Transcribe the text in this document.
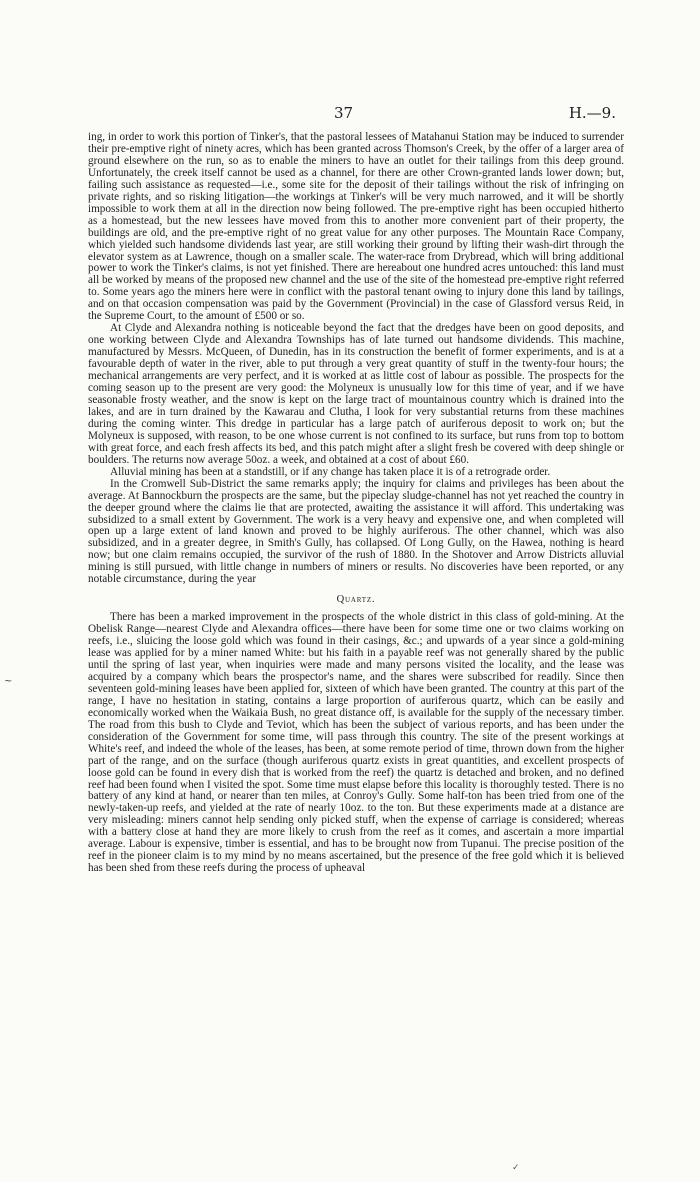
37	H.—9.

ing, in order to work this portion of Tinker's, that the pastoral lessees of Matahanui Station may be induced to surrender their pre-emptive right of ninety acres, which has been granted across Thomson's Creek, by the offer of a larger area of ground elsewhere on the run, so as to enable the miners to have an outlet for their tailings from this deep ground. Unfortunately, the creek itself cannot be used as a channel, for there are other Crown-granted lands lower down; but, failing such assistance as requested—i.e., some site for the deposit of their tailings without the risk of infringing on private rights, and so risking litigation—the workings at Tinker's will be very much narrowed, and it will be shortly impossible to work them at all in the direction now being followed. The pre-emptive right has been occupied hitherto as a homestead, but the new lessees have moved from this to another more convenient part of their property, the buildings are old, and the pre-emptive right of no great value for any other purposes. The Mountain Race Company, which yielded such handsome dividends last year, are still working their ground by lifting their wash-dirt through the elevator system as at Lawrence, though on a smaller scale. The water-race from Drybread, which will bring additional power to work the Tinker's claims, is not yet finished. There are hereabout one hundred acres untouched: this land must all be worked by means of the proposed new channel and the use of the site of the homestead pre-emptive right referred to. Some years ago the miners here were in conflict with the pastoral tenant owing to injury done this land by tailings, and on that occasion compensation was paid by the Government (Provincial) in the case of Glassford versus Reid, in the Supreme Court, to the amount of £500 or so.

At Clyde and Alexandra nothing is noticeable beyond the fact that the dredges have been on good deposits, and one working between Clyde and Alexandra Townships has of late turned out handsome dividends. This machine, manufactured by Messrs. McQueen, of Dunedin, has in its construction the benefit of former experiments, and is at a favourable depth of water in the river, able to put through a very great quantity of stuff in the twenty-four hours; the mechanical arrangements are very perfect, and it is worked at as little cost of labour as possible. The prospects for the coming season up to the present are very good: the Molyneux is unusually low for this time of year, and if we have seasonable frosty weather, and the snow is kept on the large tract of mountainous country which is drained into the lakes, and are in turn drained by the Kawarau and Clutha, I look for very substantial returns from these machines during the coming winter. This dredge in particular has a large patch of auriferous deposit to work on; but the Molyneux is supposed, with reason, to be one whose current is not confined to its surface, but runs from top to bottom with great force, and each fresh affects its bed, and this patch might after a slight fresh be covered with deep shingle or boulders. The returns now average 50oz. a week, and obtained at a cost of about £60.

Alluvial mining has been at a standstill, or if any change has taken place it is of a retrograde order.

In the Cromwell Sub-District the same remarks apply; the inquiry for claims and privileges has been about the average. At Bannockburn the prospects are the same, but the pipeclay sludge-channel has not yet reached the country in the deeper ground where the claims lie that are protected, awaiting the assistance it will afford. This undertaking was subsidized to a small extent by Government. The work is a very heavy and expensive one, and when completed will open up a large extent of land known and proved to be highly auriferous. The other channel, which was also subsidized, and in a greater degree, in Smith's Gully, has collapsed. Of Long Gully, on the Hawea, nothing is heard now; but one claim remains occupied, the survivor of the rush of 1880. In the Shotover and Arrow Districts alluvial mining is still pursued, with little change in numbers of miners or results. No discoveries have been reported, or any notable circumstance, during the year

Quartz.

There has been a marked improvement in the prospects of the whole district in this class of gold-mining. At the Obelisk Range—nearest Clyde and Alexandra offices—there have been for some time one or two claims working on reefs, i.e., sluicing the loose gold which was found in their casings, &c.; and upwards of a year since a gold-mining lease was applied for by a miner named White: but his faith in a payable reef was not generally shared by the public until the spring of last year, when inquiries were made and many persons visited the locality, and the lease was acquired by a company which bears the prospector's name, and the shares were subscribed for readily. Since then seventeen gold-mining leases have been applied for, sixteen of which have been granted. The country at this part of the range, I have no hesitation in stating, contains a large proportion of auriferous quartz, which can be easily and economically worked when the Waikaia Bush, no great distance off, is available for the supply of the necessary timber. The road from this bush to Clyde and Teviot, which has been the subject of various reports, and has been under the consideration of the Government for some time, will pass through this country. The site of the present workings at White's reef, and indeed the whole of the leases, has been, at some remote period of time, thrown down from the higher part of the range, and on the surface (though auriferous quartz exists in great quantities, and excellent prospects of loose gold can be found in every dish that is worked from the reef) the quartz is detached and broken, and no defined reef had been found when I visited the spot. Some time must elapse before this locality is thoroughly tested. There is no battery of any kind at hand, or nearer than ten miles, at Conroy's Gully. Some half-ton has been tried from one of the newly-taken-up reefs, and yielded at the rate of nearly 10oz. to the ton. But these experiments made at a distance are very misleading: miners cannot help sending only picked stuff, when the expense of carriage is considered; whereas with a battery close at hand they are more likely to crush from the reef as it comes, and ascertain a more impartial average. Labour is expensive, timber is essential, and has to be brought now from Tupanui. The precise position of the reef in the pioneer claim is to my mind by no means ascertained, but the presence of the free gold which it is believed has been shed from these reefs during the process of upheaval

~
✓
